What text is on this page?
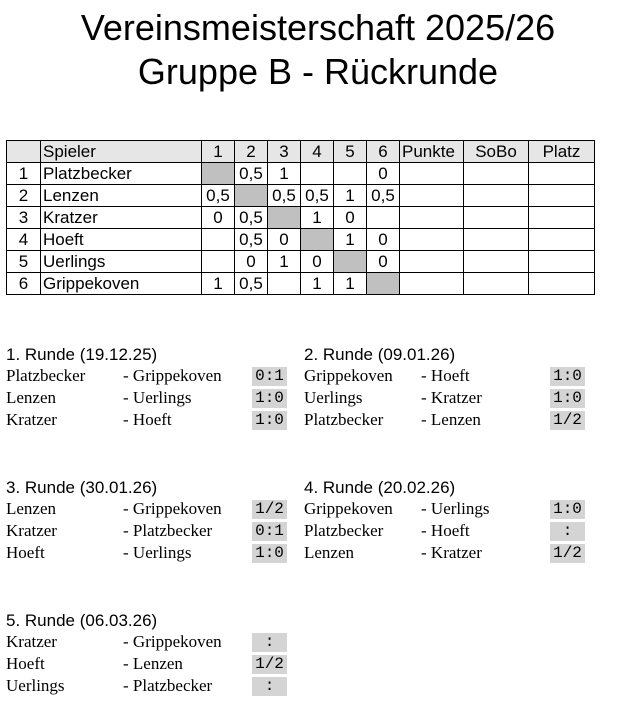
Vereinsmeisterschaft 2025/26
Gruppe B - Rückrunde
	Spieler	1	2	3	4	5	6	Punkte	SoBo	Platz
1	Platzbecker		0,5	1			0			
2	Lenzen	0,5		0,5	0,5	1	0,5			
3	Kratzer	0	0,5		1	0				
4	Hoeft		0,5	0		1	0			
5	Uerlings		0	1	0		0			
6	Grippekoven	1	0,5		1	1				
1. Runde (19.12.25)
Platzbecker - Grippekoven 0:1
Lenzen	- Uerlings	1:0
Kratzer	- Hoeft	1:0
2. Runde (09.01.26)
Grippekoven - Hoeft	1:0
Uerlings	- Kratzer	1:0
Platzbecker - Lenzen	1/2
3. Runde (30.01.26)
Lenzen	- Grippekoven 1/2
Kratzer	- Platzbecker	0:1
Hoeft	- Uerlings	1:0
4. Runde (20.02.26)
Grippekoven - Uerlings	1:0
Platzbecker - Hoeft	:
Lenzen	- Kratzer	1/2
5. Runde (06.03.26)
Kratzer	- Grippekoven	:
Hoeft	- Lenzen	1/2
Uerlings	- Platzbecker	:
